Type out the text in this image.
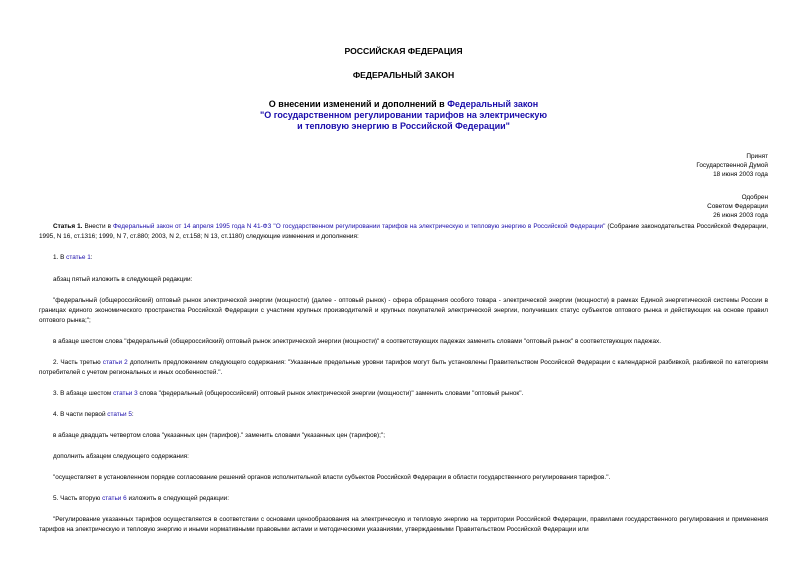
РОССИЙСКАЯ ФЕДЕРАЦИЯ
ФЕДЕРАЛЬНЫЙ ЗАКОН
О внесении изменений и дополнений в Федеральный закон
"О государственном регулировании тарифов на электрическую
и тепловую энергию в Российской Федерации"
Принят
Государственной Думой
18 июня 2003 года
Одобрен
Советом Федерации
26 июня 2003 года
Статья 1. Внести в Федеральный закон от 14 апреля 1995 года N 41-ФЗ "О государственном регулировании тарифов на электрическую и тепловую энергию в Российской Федерации" (Собрание законодательства Российской Федерации, 1995, N 16, ст.1316; 1999, N 7, ст.880; 2003, N 2, ст.158; N 13, ст.1180) следующие изменения и дополнения:
1. В статье 1:
абзац пятый изложить в следующей редакции:
"федеральный (общероссийский) оптовый рынок электрической энергии (мощности) (далее - оптовый рынок) - сфера обращения особого товара - электрической энергии (мощности) в рамках Единой энергетической системы России в границах единого экономического пространства Российской Федерации с участием крупных производителей и крупных покупателей электрической энергии, получивших статус субъектов оптового рынка и действующих на основе правил оптового рынка;";
в абзаце шестом слова "федеральный (общероссийский) оптовый рынок электрической энергии (мощности)" в соответствующих падежах заменить словами "оптовый рынок" в соответствующих падежах.
2. Часть третью статьи 2 дополнить предложением следующего содержания: "Указанные предельные уровни тарифов могут быть установлены Правительством Российской Федерации с календарной разбивкой, разбивкой по категориям потребителей с учетом региональных и иных особенностей.".
3. В абзаце шестом статьи 3 слова "федеральный (общероссийский) оптовый рынок электрической энергии (мощности)" заменить словами "оптовый рынок".
4. В части первой статьи 5:
в абзаце двадцать четвертом слова "указанных цен (тарифов)." заменить словами "указанных цен (тарифов);";
дополнить абзацем следующего содержания:
"осуществляет в установленном порядке согласование решений органов исполнительной власти субъектов Российской Федерации в области государственного регулирования тарифов.".
5. Часть вторую статьи 6 изложить в следующей редакции:
"Регулирование указанных тарифов осуществляется в соответствии с основами ценообразования на электрическую и тепловую энергию на территории Российской Федерации, правилами государственного регулирования и применения тарифов на электрическую и тепловую энергию и иными нормативными правовыми актами и методическими указаниями, утверждаемыми Правительством Российской Федерации или
